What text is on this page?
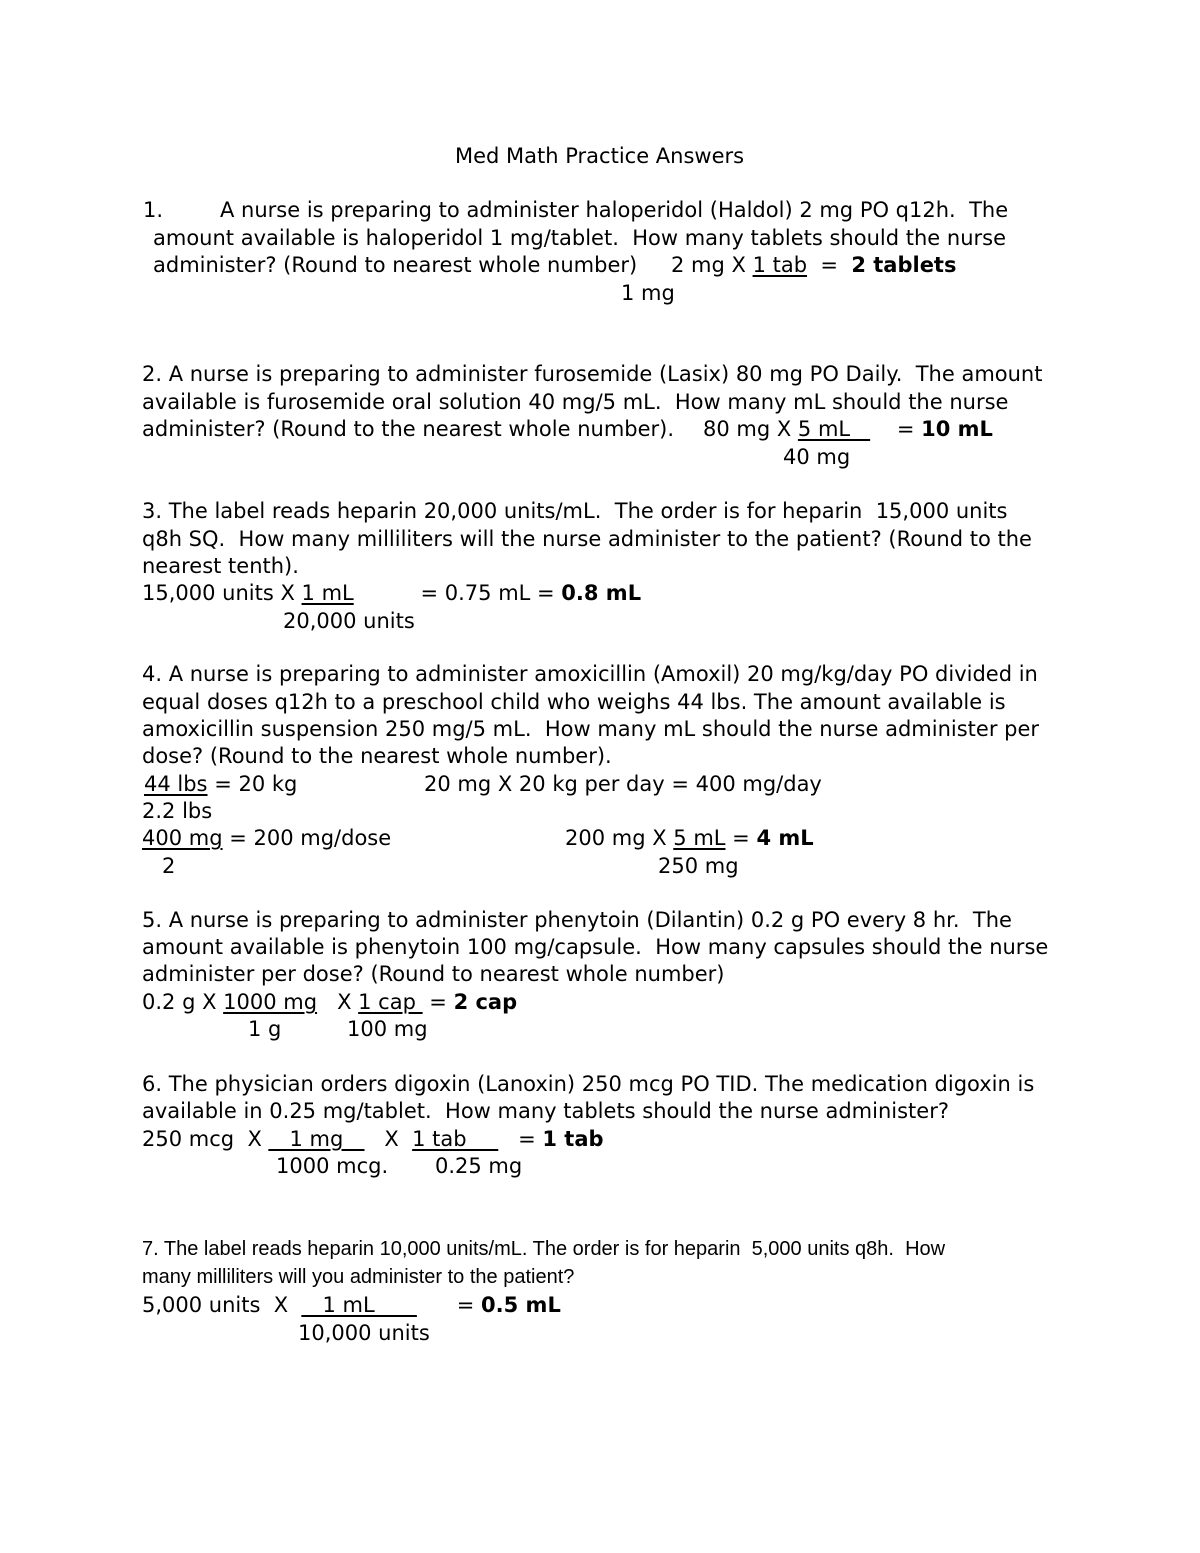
Med Math Practice Answers
1.	A nurse is preparing to administer haloperidol (Haldol) 2 mg PO q12h.  The
amount available is haloperidol 1 mg/tablet.  How many tablets should the nurse
administer? (Round to nearest whole number) 2 mg X 1 tab  =  2 tablets
1 mg
2. A nurse is preparing to administer furosemide (Lasix) 80 mg PO Daily.  The amount
available is furosemide oral solution 40 mg/5 mL.  How many mL should the nurse
administer? (Round to the nearest whole number). 80 mg X 5 mL       = 10 mL
40 mg
3. The label reads heparin 20,000 units/mL.  The order is for heparin  15,000 units
q8h SQ.  How many milliliters will the nurse administer to the patient? (Round to the
nearest tenth).
15,000 units X 1 mL          = 0.75 mL = 0.8 mL
20,000 units
4. A nurse is preparing to administer amoxicillin (Amoxil) 20 mg/kg/day PO divided in
equal doses q12h to a preschool child who weighs 44 lbs. The amount available is
amoxicillin suspension 250 mg/5 mL.  How many mL should the nurse administer per
dose? (Round to the nearest whole number).
44 lbs = 20 kg	20 mg X 20 kg per day = 400 mg/day
2.2 lbs
400 mg = 200 mg/dose	200 mg X 5 mL = 4 mL
2	250 mg
5. A nurse is preparing to administer phenytoin (Dilantin) 0.2 g PO every 8 hr.  The
amount available is phenytoin 100 mg/capsule.  How many capsules should the nurse
administer per dose? (Round to nearest whole number)
0.2 g X 1000 mg   X 1 cap  = 2 cap
1 g	100 mg
6. The physician orders digoxin (Lanoxin) 250 mcg PO TID. The medication digoxin is
available in 0.25 mg/tablet.  How many tablets should the nurse administer?
250 mcg  X __1 mg__   X  1 tab___   = 1 tab
1000 mcg. 0.25 mg
7. The label reads heparin 10,000 units/mL. The order is for heparin  5,000 units q8h.  How
many milliliters will you administer to the patient?
5,000 units  X  __1 mL____      = 0.5 mL
10,000 units
